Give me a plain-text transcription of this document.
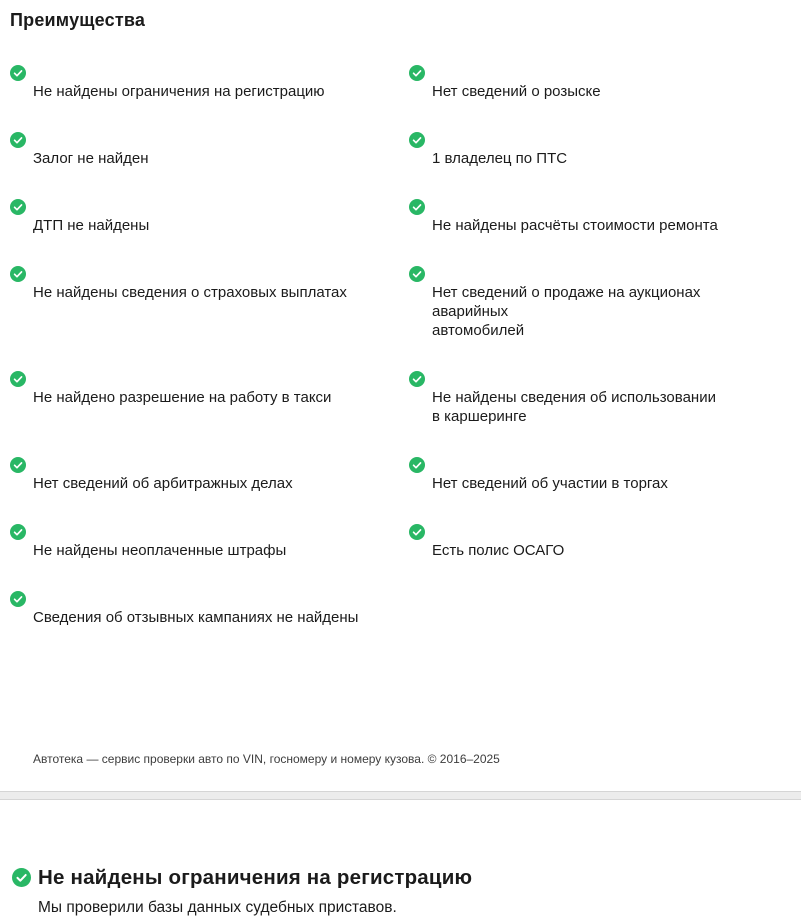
Преимущества

Не найдены ограничения на регистрацию	Нет сведений о розыске

Залог не найден	1 владелец по ПТС

ДТП не найдены	Не найдены расчёты стоимости ремонта

Не найдены сведения о страховых выплатах	Нет сведений о продаже на аукционах аварийных
автомобилей

Не найдено разрешение на работу в такси	Не найдены сведения об использовании
в каршеринге

Нет сведений об арбитражных делах	Нет сведений об участии в торгах

Не найдены неоплаченные штрафы	Есть полис ОСАГО

Сведения об отзывных кампаниях не найдены
Автотека — сервис проверки авто по VIN, госномеру и номеру кузова. © 2016–2025
Не найдены ограничения на регистрацию
Мы проверили базы данных судебных приставов.
